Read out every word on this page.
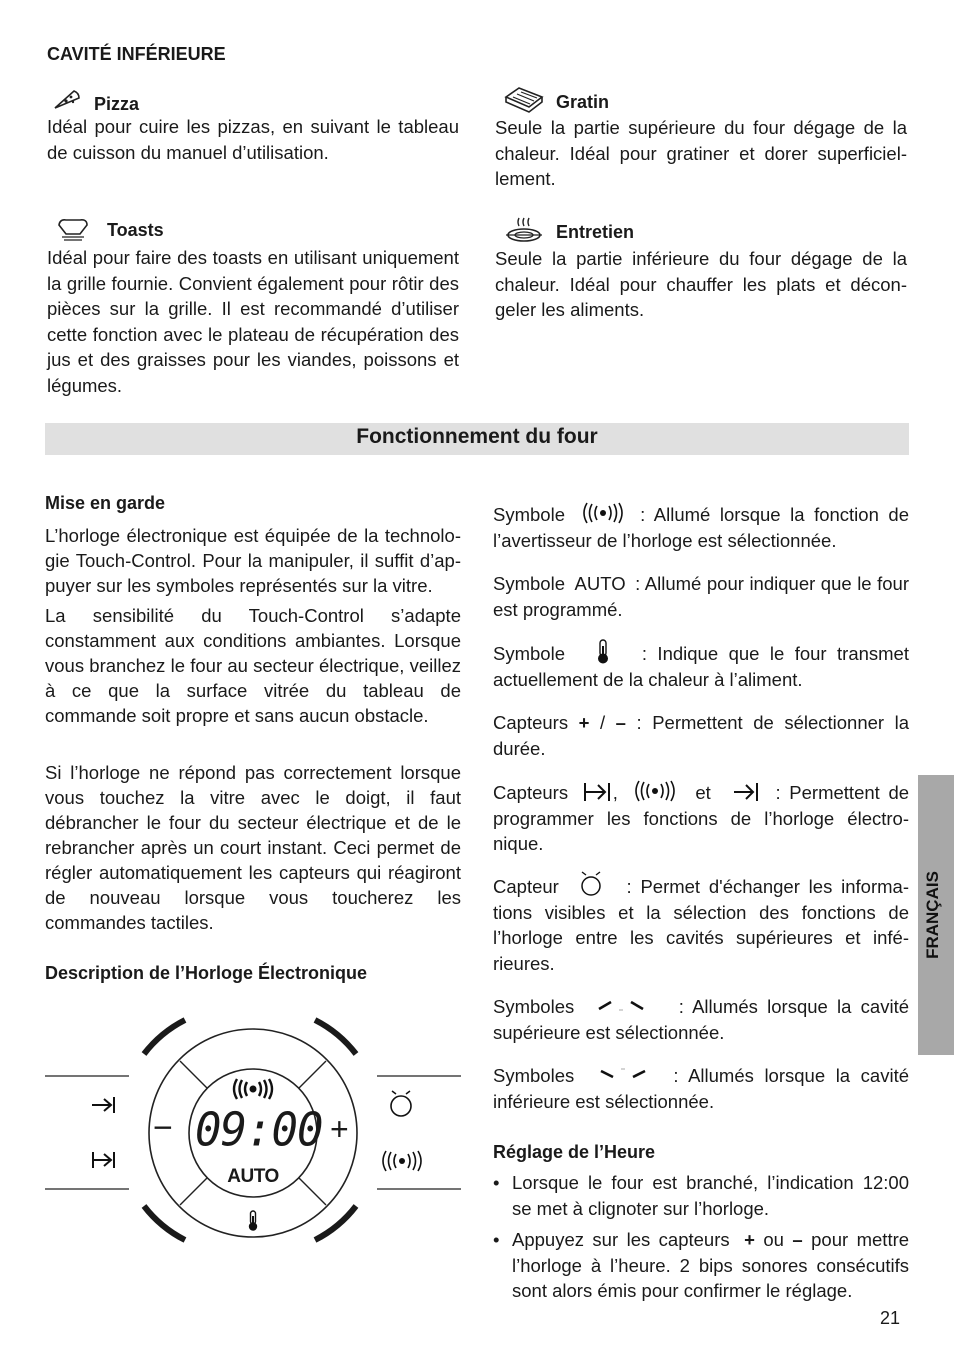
CAVITÉ INFÉRIEURE
Pizza

Idéal pour cuire les pizzas, en suivant le tableau de cuisson du manuel d’utilisation.

Toasts

Idéal pour faire des toasts en utilisant uniquement la grille fournie. Convient également pour rôtir des pièces sur la grille. Il est recommandé d’utiliser cette fonction avec le plateau de récupération des jus et des graisses pour les viandes, poissons et légumes.

Gratin

Seule la partie supérieure du four dégage de la chaleur. Idéal pour gratiner et dorer superficiellement.

Entretien

Seule la partie inférieure du four dégage de la chaleur. Idéal pour chauffer les plats et décongeler les aliments.

Fonctionnement du four
Mise en garde

L’horloge électronique est équipée de la technologie Touch-Control. Pour la manipuler, il suffit d’appuyer sur les symboles représentés sur la vitre.

La sensibilité du Touch-Control s’adapte constamment aux conditions ambiantes. Lorsque vous branchez le four au secteur électrique, veillez à ce que la surface vitrée du tableau de commande soit propre et sans aucun obstacle.

Si l’horloge ne répond pas correctement lorsque vous touchez la vitre avec le doigt, il faut débrancher le four du secteur électrique et de le rebrancher après un court instant. Ceci permet de régler automatiquement les capteurs qui réagiront de nouveau lorsque vous toucherez les commandes tactiles.

Description de l’Horloge Électronique
−	+
09:00
AUTO

Symbole	: Allumé lorsque la fonction de l’avertisseur de l’horloge est sélectionnée.

Symbole AUTO : Allumé pour indiquer que le four est programmé.

Symbole	: Indique que le four transmet actuellement de la chaleur à l’aliment.

Capteurs + / – : Permettent de sélectionner la durée.

Capteurs ,	et	: Permettent de programmer les fonctions de l’horloge électronique.

Capteur	: Permet d'échanger les informations visibles et la sélection des fonctions de l’horloge entre les cavités supérieures et inférieures.

Symboles	: Allumés lorsque la cavité supérieure est sélectionnée.

Symboles	: Allumés lorsque la cavité inférieure est sélectionnée.

Réglage de l’Heure
• Lorsque le four est branché, l’indication 12:00 se met à clignoter sur l’horloge.

• Appuyez sur les capteurs + ou – pour mettre l’horloge à l’heure. 2 bips sonores consécutifs sont alors émis pour confirmer le réglage.

FRANÇAIS
21
